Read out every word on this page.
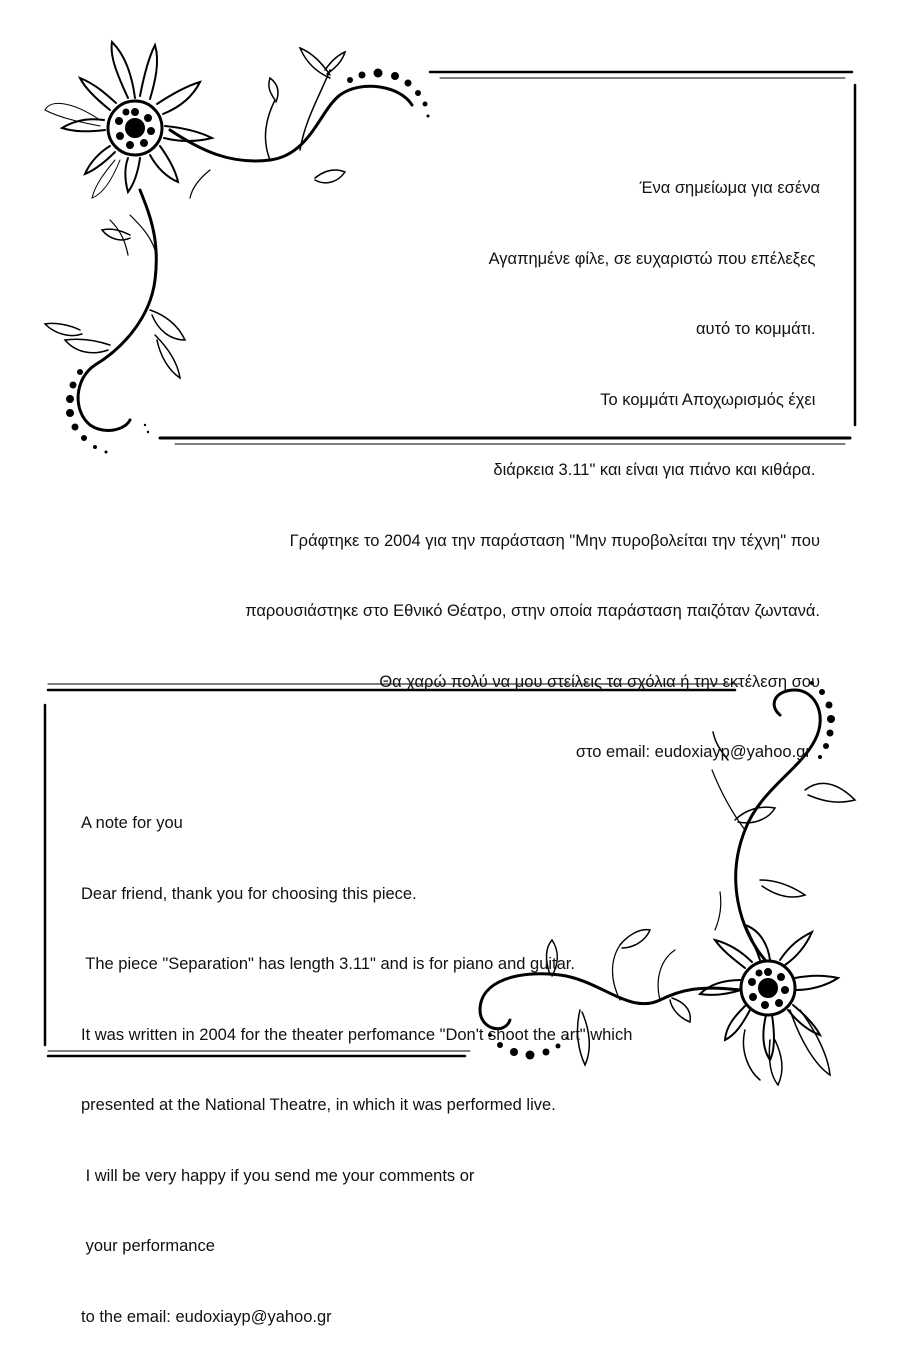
Ένα σημείωμα για εσένα

Αγαπημένε φίλε, σε ευχαριστώ που επέλεξες

αυτό το κομμάτι.

Το κομμάτι Αποχωρισμός έχει

διάρκεια 3.11" και είναι για πιάνο και κιθάρα.

Γράφτηκε το 2004 για την παράσταση "Μην πυροβολείται την τέχνη" που

παρουσιάστηκε στο Εθνικό Θέατρο, στην οποία παράσταση παιζόταν ζωντανά.

Θα χαρώ πολύ να μου στείλεις τα σχόλια ή την εκτέλεση σου

στο email: eudoxiayp@yahoo.gr

A note for you

Dear friend, thank you for choosing this piece.

The piece "Separation" has length 3.11" and is for piano and guitar.

It was written in 2004 for the theater perfomance "Don't shoot the art" which

presented at the National Theatre, in which it was performed live.

I will be very happy if you send me your comments or

your performance

to the email: eudoxiayp@yahoo.gr
